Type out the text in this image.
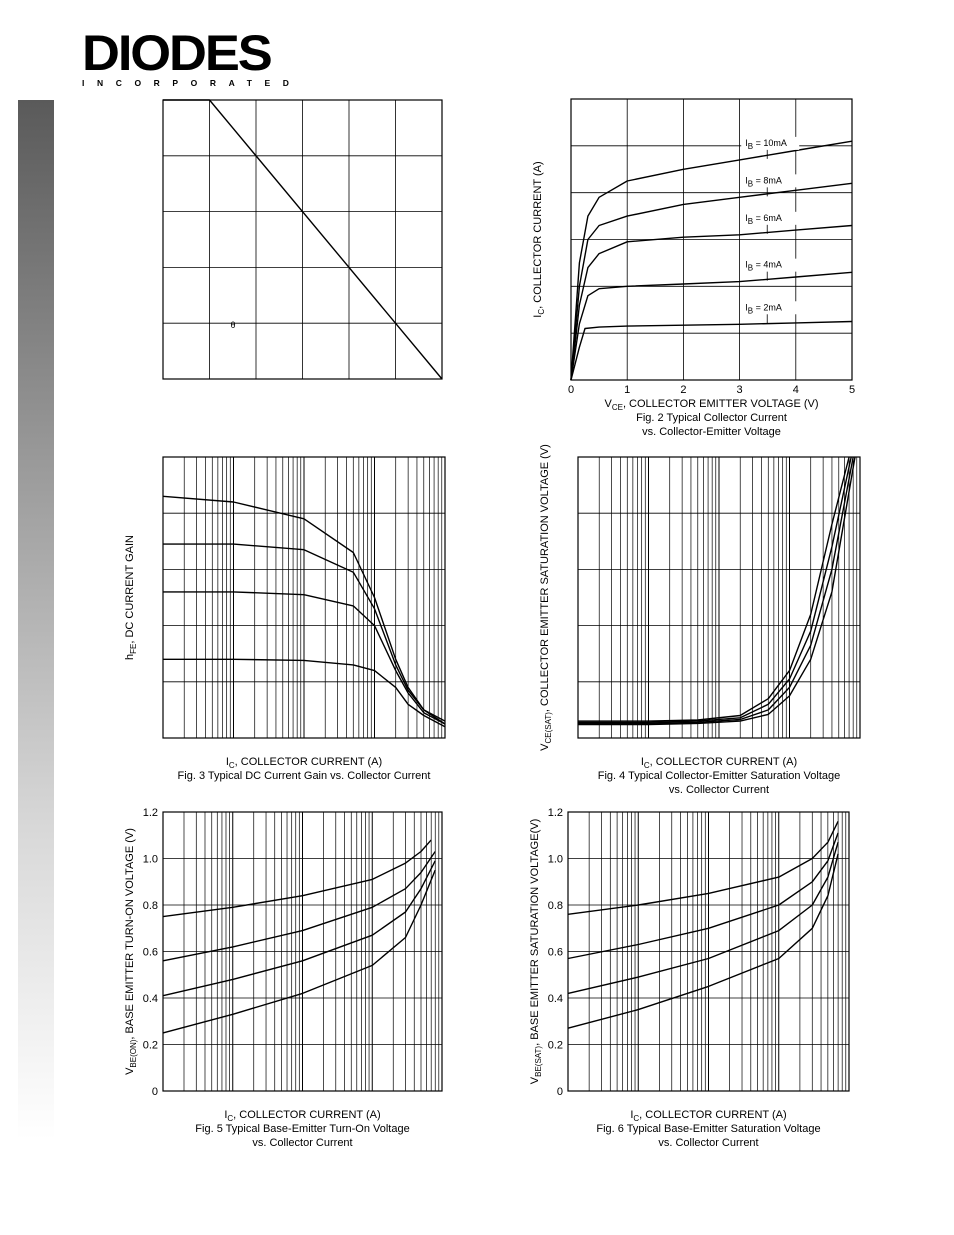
DIODES
INCORPORATED
θ
IB = 10mA
IB = 8mA
IB = 6mA
IB = 4mA
IB = 2mA
0	1	2	3	4	5
$V_{CE}$, COLLECTOR EMITTER VOLTAGE (V)
Fig. 2 Typical Collector Current
vs. Collector-Emitter Voltage
$I_C$, COLLECTOR CURRENT (A)
$I_C$, COLLECTOR CURRENT (A)
Fig. 3 Typical DC Current Gain vs. Collector Current
$h_{FE}$, DC CURRENT GAIN
$I_C$, COLLECTOR CURRENT (A)
Fig. 4 Typical Collector-Emitter Saturation Voltage
vs. Collector Current
$V_{CE(SAT)}$, COLLECTOR EMITTER SATURATION VOLTAGE (V)
0
0.2
0.4
0.6
0.8
1.0
1.2
$I_C$, COLLECTOR CURRENT (A)
Fig. 5 Typical Base-Emitter Turn-On Voltage
vs. Collector Current
$V_{BE(ON)}$, BASE EMITTER TURN-ON VOLTAGE (V)
0
0.2
0.4
0.6
0.8
1.0
1.2
$I_C$, COLLECTOR CURRENT (A)
Fig. 6 Typical Base-Emitter Saturation Voltage
vs. Collector Current
$V_{BE(SAT)}$, BASE EMITTER SATURATION VOLTAGE(V)
